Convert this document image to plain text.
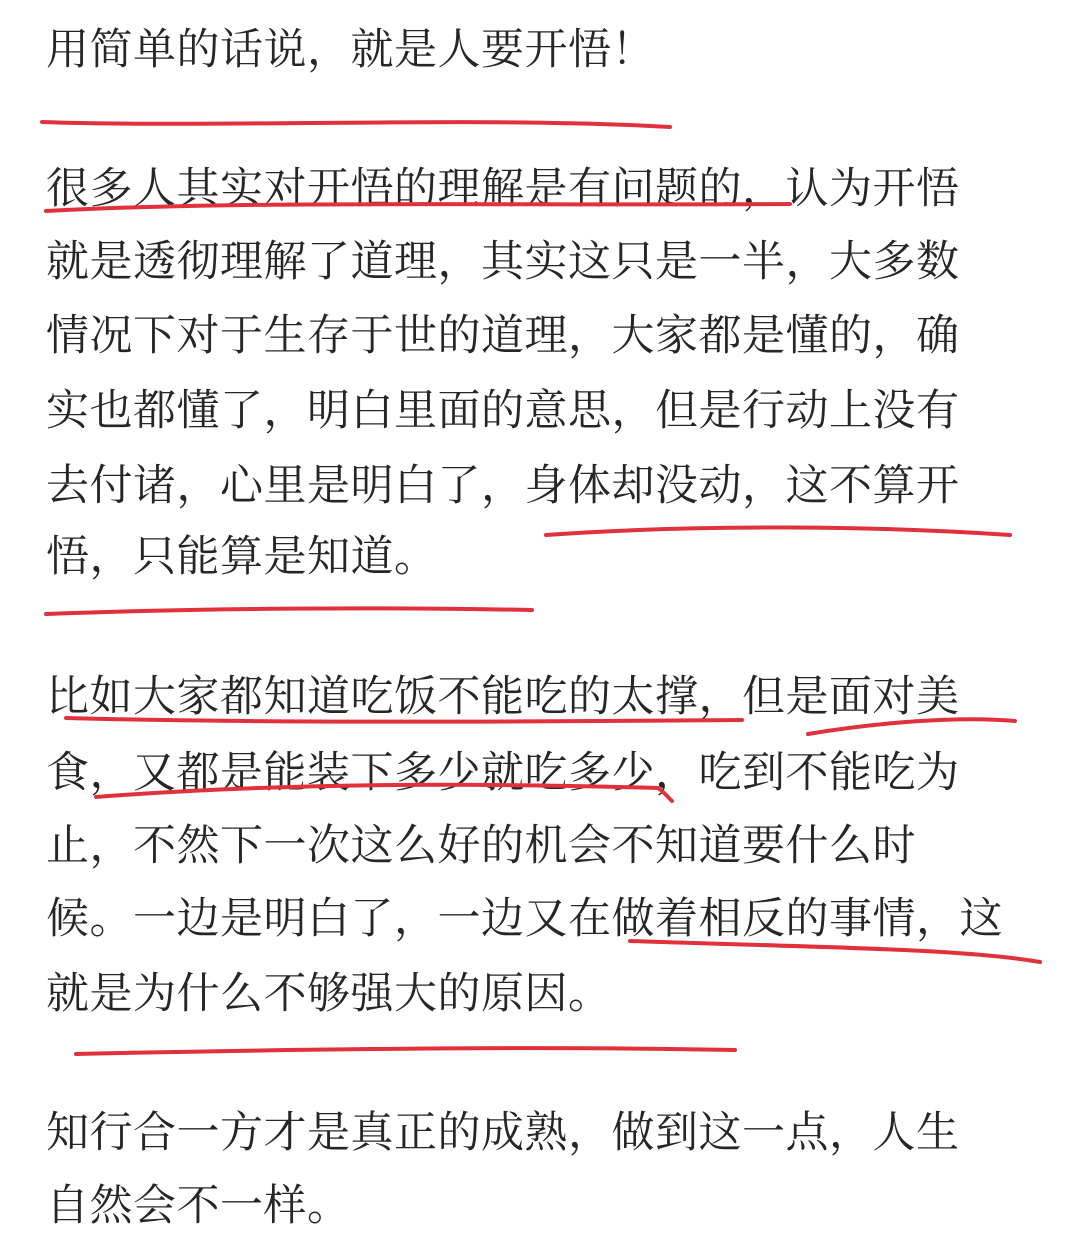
用简单的话说，就是人要开悟！
很多人其实对开悟的理解是有问题的，认为开悟
就是透彻理解了道理，其实这只是一半，大多数
情况下对于生存于世的道理，大家都是懂的，确
实也都懂了，明白里面的意思，但是行动上没有
去付诸，心里是明白了，身体却没动，这不算开
悟，只能算是知道。
比如大家都知道吃饭不能吃的太撑，但是面对美
食，又都是能装下多少就吃多少，吃到不能吃为
止，不然下一次这么好的机会不知道要什么时
候。一边是明白了，一边又在做着相反的事情，这
就是为什么不够强大的原因。
知行合一方才是真正的成熟，做到这一点，人生
自然会不一样。
